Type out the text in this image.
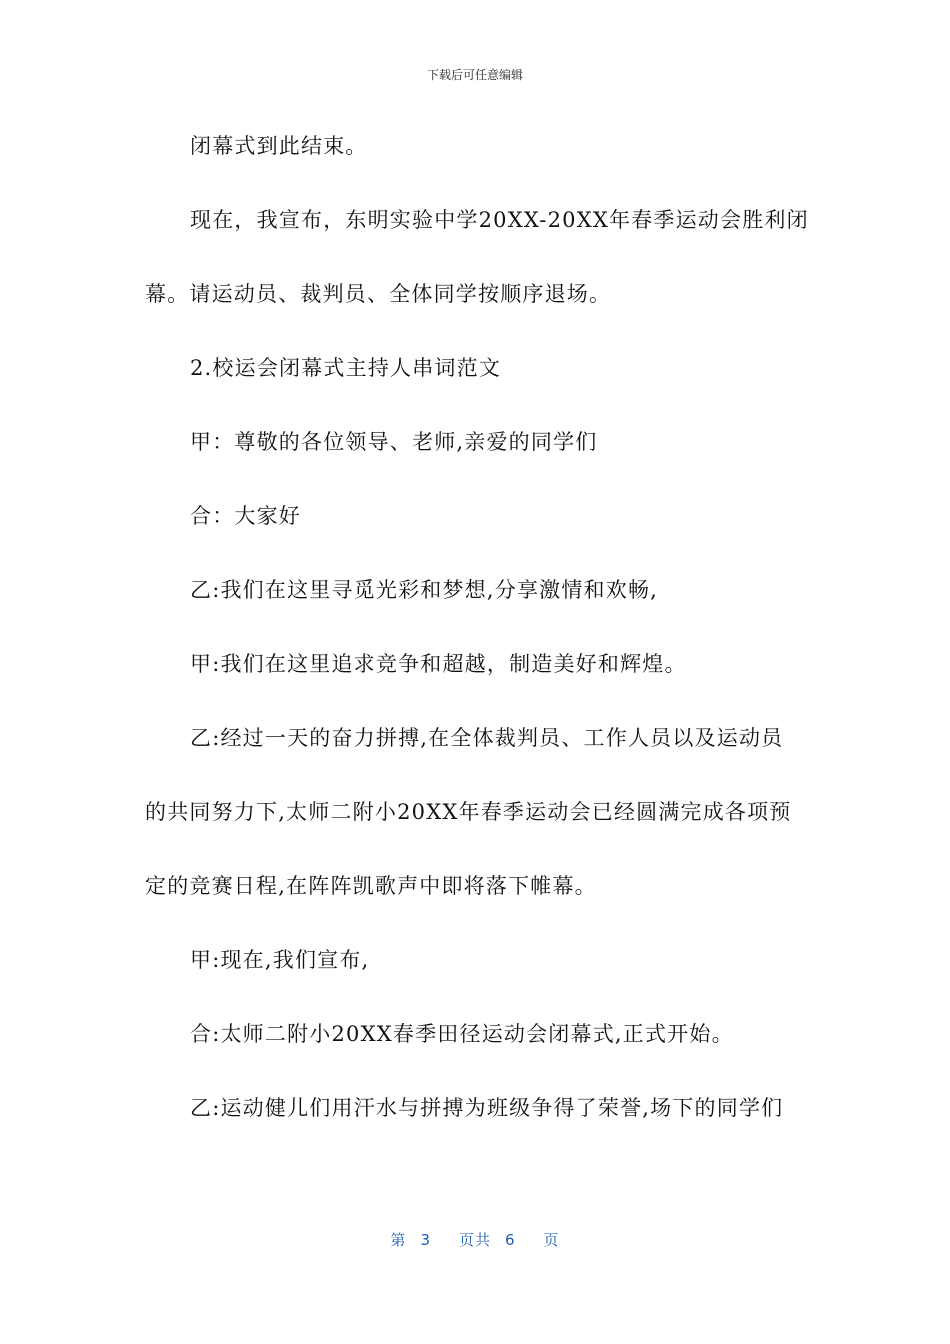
下载后可任意编辑

闭幕式到此结束。

现在，我宣布，东明实验中学20XX-20XX年春季运动会胜利闭
幕。请运动员、裁判员、全体同学按顺序退场。

2.校运会闭幕式主持人串词范文

甲：尊敬的各位领导、老师,亲爱的同学们

合：大家好

乙:我们在这里寻觅光彩和梦想,分享激情和欢畅,

甲:我们在这里追求竞争和超越，制造美好和辉煌。

乙:经过一天的奋力拼搏,在全体裁判员、工作人员以及运动员
的共同努力下,太师二附小20XX年春季运动会已经圆满完成各项预
定的竞赛日程,在阵阵凯歌声中即将落下帷幕。

甲:现在,我们宣布,

合:太师二附小20XX春季田径运动会闭幕式,正式开始。

乙:运动健儿们用汗水与拼搏为班级争得了荣誉,场下的同学们

第 3 页共 6 页
